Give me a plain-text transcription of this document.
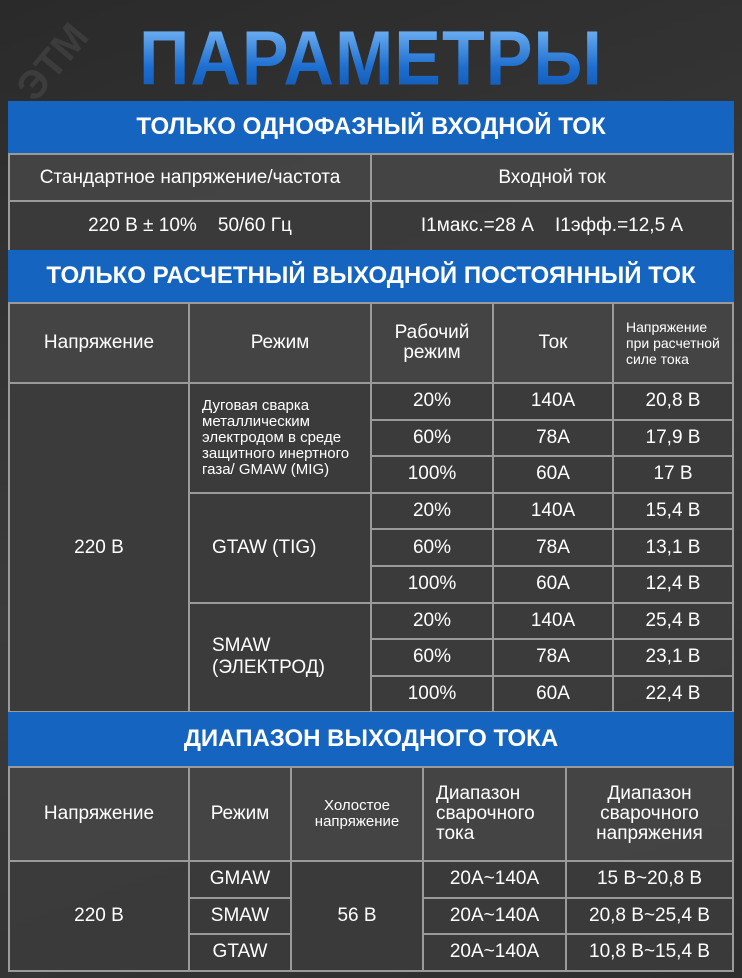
ПАРАМЕТРЫ
ТОЛЬКО ОДНОФАЗНЫЙ ВХОДНОЙ ТОК
Стандартное напряжение/частота	Входной ток
220 В ± 10%    50/60 Гц	I1макс.=28 А    I1эфф.=12,5 А
ТОЛЬКО РАСЧЕТНЫЙ ВЫХОДНОЙ ПОСТОЯННЫЙ ТОК
Напряжение	Режим	Рабочий режим	Ток	Напряжение при расчетной силе тока
220 В	Дуговая сварка металлическим электродом в среде защитного инертного газа/ GMAW (MIG)	20%	140A	20,8 В
		60%	78A	17,9 В
		100%	60A	17 В
	GTAW (TIG)	20%	140A	15,4 В
		60%	78A	13,1 В
		100%	60A	12,4 В
	SMAW (ЭЛЕКТРОД)	20%	140A	25,4 В
		60%	78A	23,1 В
		100%	60A	22,4 В
ДИАПАЗОН ВЫХОДНОГО ТОКА
Напряжение	Режим	Холостое напряжение	Диапазон сварочного тока	Диапазон сварочного напряжения
220 В	GMAW	56 В	20A~140A	15 В~20,8 В
	SMAW		20A~140A	20,8 В~25,4 В
	GTAW		20A~140A	10,8 В~15,4 В
